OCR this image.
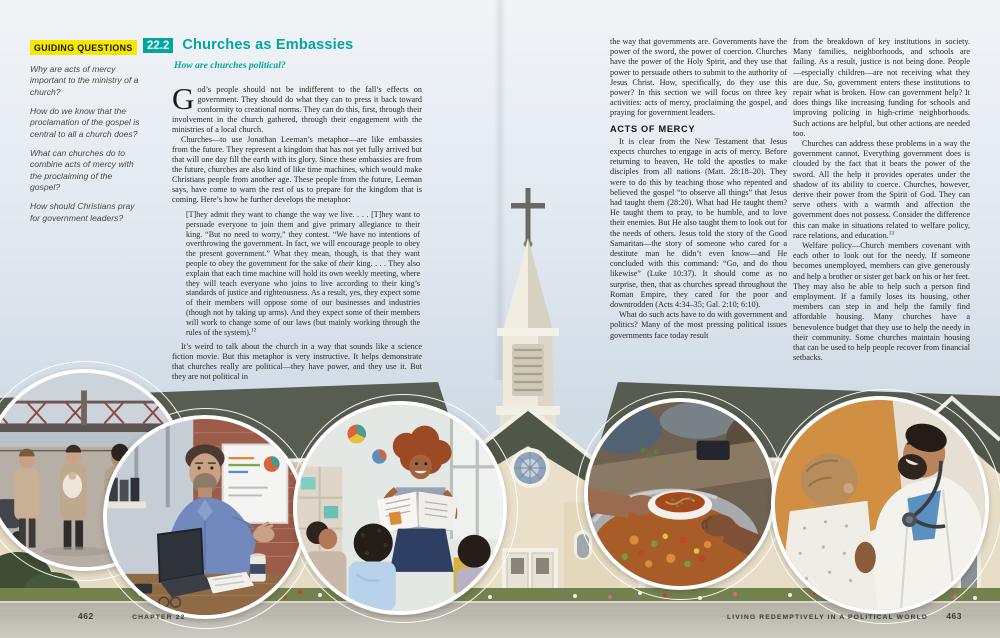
GUIDING QUESTIONS

Why are acts of mercy important to the ministry of a church?

How do we know that the proclamation of the gospel is central to all a church does?

What can churches do to combine acts of mercy with the proclaiming of the gospel?

How should Christians pray for government leaders?

22.2 Churches as Embassies
How are churches political?

God’s people should not be indifferent to the fall’s effects on government. They should do what they can to press it back toward conformity to creational norms. They can do this, first, through their involvement in the church gathered, through their engagement with the ministries of a local church.

Churches—to use Jonathan Leeman’s metaphor—are like embassies from the future. They represent a kingdom that has not yet fully arrived but that will one day fill the earth with its glory. Since these embassies are from the future, churches are also kind of like time machines, which would make Christians people from another age. These people from the future, Leeman says, have come to warn the rest of us to prepare for the kingdom that is coming. Here’s how he further develops the metaphor:

[T]hey admit they want to change the way we live. . . . [T]hey want to persuade everyone to join them and give primary allegiance to their king. “But no need to worry,” they contest. “We have no intentions of overthrowing the government. In fact, we will encourage people to obey the present government.” What they mean, though, is that they want people to obey the government for the sake of their king. . . . They also explain that each time machine will hold its own weekly meeting, where they will teach everyone who joins to live according to their king’s standards of justice and righteousness. As a result, yes, they expect some of their members will oppose some of our businesses and industries (though not by taking up arms). And they expect some of their members will work to change some of our laws (but mainly working through the rules of the system).$^{12}$

It’s weird to talk about the church in a way that sounds like a science fiction movie. But this metaphor is very instructive. It helps demonstrate that churches really are political—they have power, and they use it. But they are not political in

the way that governments are. Governments have the power of the sword, the power of coercion. Churches have the power of the Holy Spirit, and they use that power to persuade others to submit to the authority of Jesus Christ. How, specifically, do they use this power? In this section we will focus on three key activities: acts of mercy, proclaiming the gospel, and praying for government leaders.

ACTS OF MERCY

It is clear from the New Testament that Jesus expects churches to engage in acts of mercy. Before returning to heaven, He told the apostles to make disciples from all nations (Matt. 28:18–20). They were to do this by teaching those who repented and believed the gospel “to observe all things” that Jesus had taught them (28:20). What had He taught them? He taught them to pray, to be humble, and to love their enemies. But He also taught them to look out for the needs of others. Jesus told the story of the Good Samaritan—the story of someone who cared for a destitute man he didn’t even know—and He concluded with this command: “Go, and do thou likewise” (Luke 10:37). It should come as no surprise, then, that as churches spread throughout the Roman Empire, they cared for the poor and downtrodden (Acts 4:34–35; Gal. 2:10; 6:10).

What do such acts have to do with government and politics? Many of the most pressing political issues governments face today result

from the breakdown of key institutions in society. Many families, neighborhoods, and schools are failing. As a result, justice is not being done. People—especially children—are not receiving what they are due. So, government enters these institutions to repair what is broken. How can government help? It does things like increasing funding for schools and improving policing in high-crime neighborhoods. Such actions are helpful, but other actions are needed too.

Churches can address these problems in a way the government cannot. Everything government does is clouded by the fact that it bears the power of the sword. All the help it provides operates under the shadow of its ability to coerce. Churches, however, derive their power from the Spirit of God. They can serve others with a warmth and affection the government does not possess. Consider the difference this can make in situations related to welfare policy, race relations, and education.$^{13}$

Welfare policy—Church members covenant with each other to look out for the needy. If someone becomes unemployed, members can give generously and help a brother or sister get back on his or her feet. They may also be able to help such a person find employment. If a family loses its housing, other members can step in and help the family find affordable housing. Many churches have a benevolence budget that they use to help the needy in their community. Some churches maintain housing that can be used to help people recover from financial setbacks.

462	CHAPTER 22	LIVING REDEMPTIVELY IN A POLITICAL WORLD 463
